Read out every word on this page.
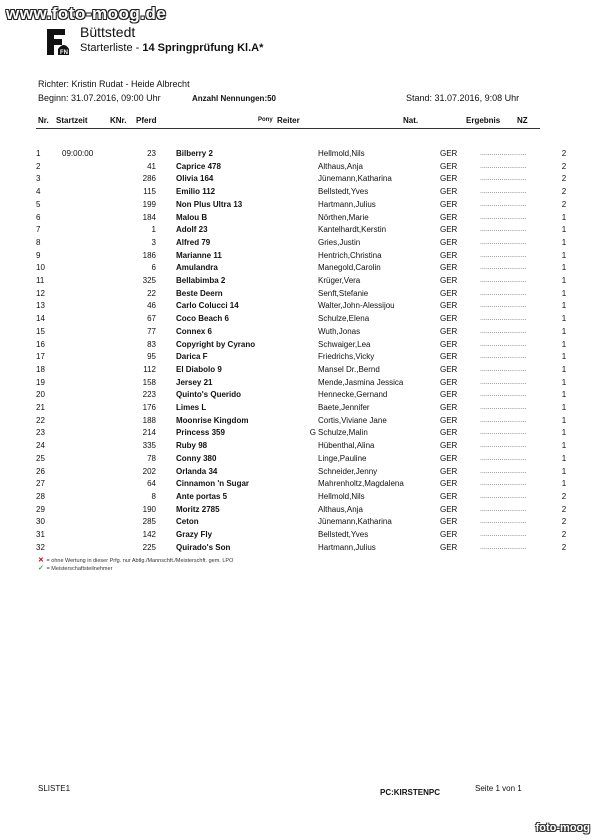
www.foto-moog.de
FN
Büttstedt
Starterliste - 14 Springprüfung Kl.A*
Richter: Kristin Rudat - Heide Albrecht
Beginn: 31.07.2016, 09:00 Uhr	Anzahl Nennungen:50	Stand: 31.07.2016, 9:08 Uhr
Nr. Startzeit	KNr. Pferd	Pony Reiter	Nat.	Ergebnis NZ
1	09:00:00	23	Bilberry 2		Hellmold,Nils	GER	........................	2
2		41	Caprice 478		Althaus,Anja	GER	........................	2
3		286	Olivia 164		Jünemann,Katharina	GER	........................	2
4		115	Emilio 112		Bellstedt,Yves	GER	........................	2
5		199	Non Plus Ultra 13		Hartmann,Julius	GER	........................	2
6		184	Malou B		Nörthen,Marie	GER	........................	1
7		1	Adolf 23		Kantelhardt,Kerstin	GER	........................	1
8		3	Alfred 79		Gries,Justin	GER	........................	1
9		186	Marianne 11		Hentrich,Christina	GER	........................	1
10		6	Amulandra		Manegold,Carolin	GER	........................	1
11		325	Bellabimba 2		Krüger,Vera	GER	........................	1
12		22	Beste Deern		Senft,Stefanie	GER	........................	1
13		46	Carlo Colucci 14		Walter,John-Alessijou	GER	........................	1
14		67	Coco Beach 6		Schulze,Elena	GER	........................	1
15		77	Connex 6		Wuth,Jonas	GER	........................	1
16		83	Copyright by Cyrano		Schwaiger,Lea	GER	........................	1
17		95	Darica F		Friedrichs,Vicky	GER	........................	1
18		112	El Diabolo 9		Mansel Dr.,Bernd	GER	........................	1
19		158	Jersey 21		Mende,Jasmina Jessica	GER	........................	1
20		223	Quinto's Querido		Hennecke,Gernand	GER	........................	1
21		176	Limes L		Baete,Jennifer	GER	........................	1
22		188	Moonrise Kingdom		Cortis,Viviane Jane	GER	........................	1
23		214	Princess 359	G	Schulze,Malin	GER	........................	1
24		335	Ruby 98		Hübenthal,Alina	GER	........................	1
25		78	Conny 380		Linge,Pauline	GER	........................	1
26		202	Orlanda 34		Schneider,Jenny	GER	........................	1
27		64	Cinnamon 'n Sugar		Mahrenholtz,Magdalena	GER	........................	1
28		8	Ante portas 5		Hellmold,Nils	GER	........................	2
29		190	Moritz 2785		Althaus,Anja	GER	........................	2
30		285	Ceton		Jünemann,Katharina	GER	........................	2
31		142	Grazy Fly		Bellstedt,Yves	GER	........................	2
32		225	Quirado's Son		Hartmann,Julius	GER	........................	2
✕ = ohne Wertung in dieser Prfg. nur Abtlg./Mannschft./Meisterschft. gem. LPO
✓ = Meisterschaftsteilnehmer
SLISTE1	PC:KIRSTENPC	Seite 1 von 1
foto-moog
